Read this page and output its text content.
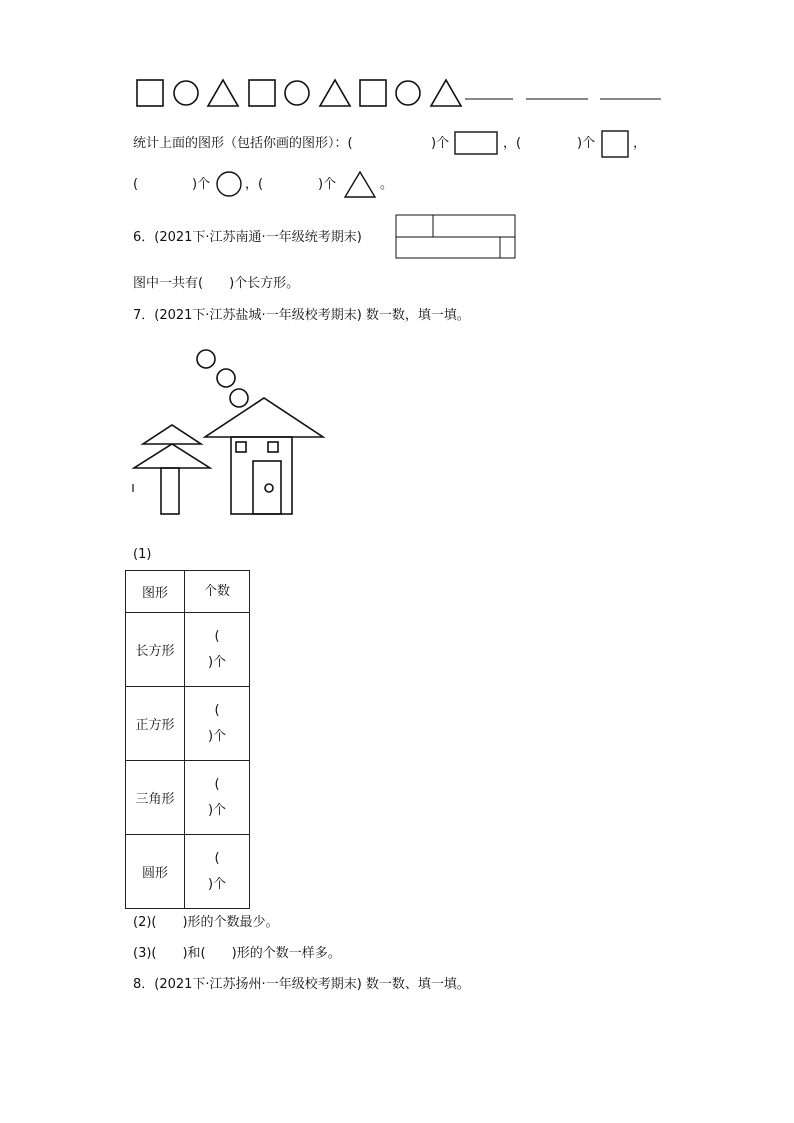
统计上面的图形（包括你画的图形）：(	)个	，(	)个	，
(	)个	，(	)个	。
6．(2021下·江苏南通·一年级统考期末)
图中一共有(　　)个长方形。
7．(2021下·江苏盐城·一年级校考期末) 数一数，填一填。
(1)
图形	个数
长方形	(
)个

正方形	(
)个

三角形	(
)个

圆形	(
)个
(2)(　　)形的个数最少。
(3)(　　)和(　　)形的个数一样多。
8．(2021下·江苏扬州·一年级校考期末) 数一数、填一填。
